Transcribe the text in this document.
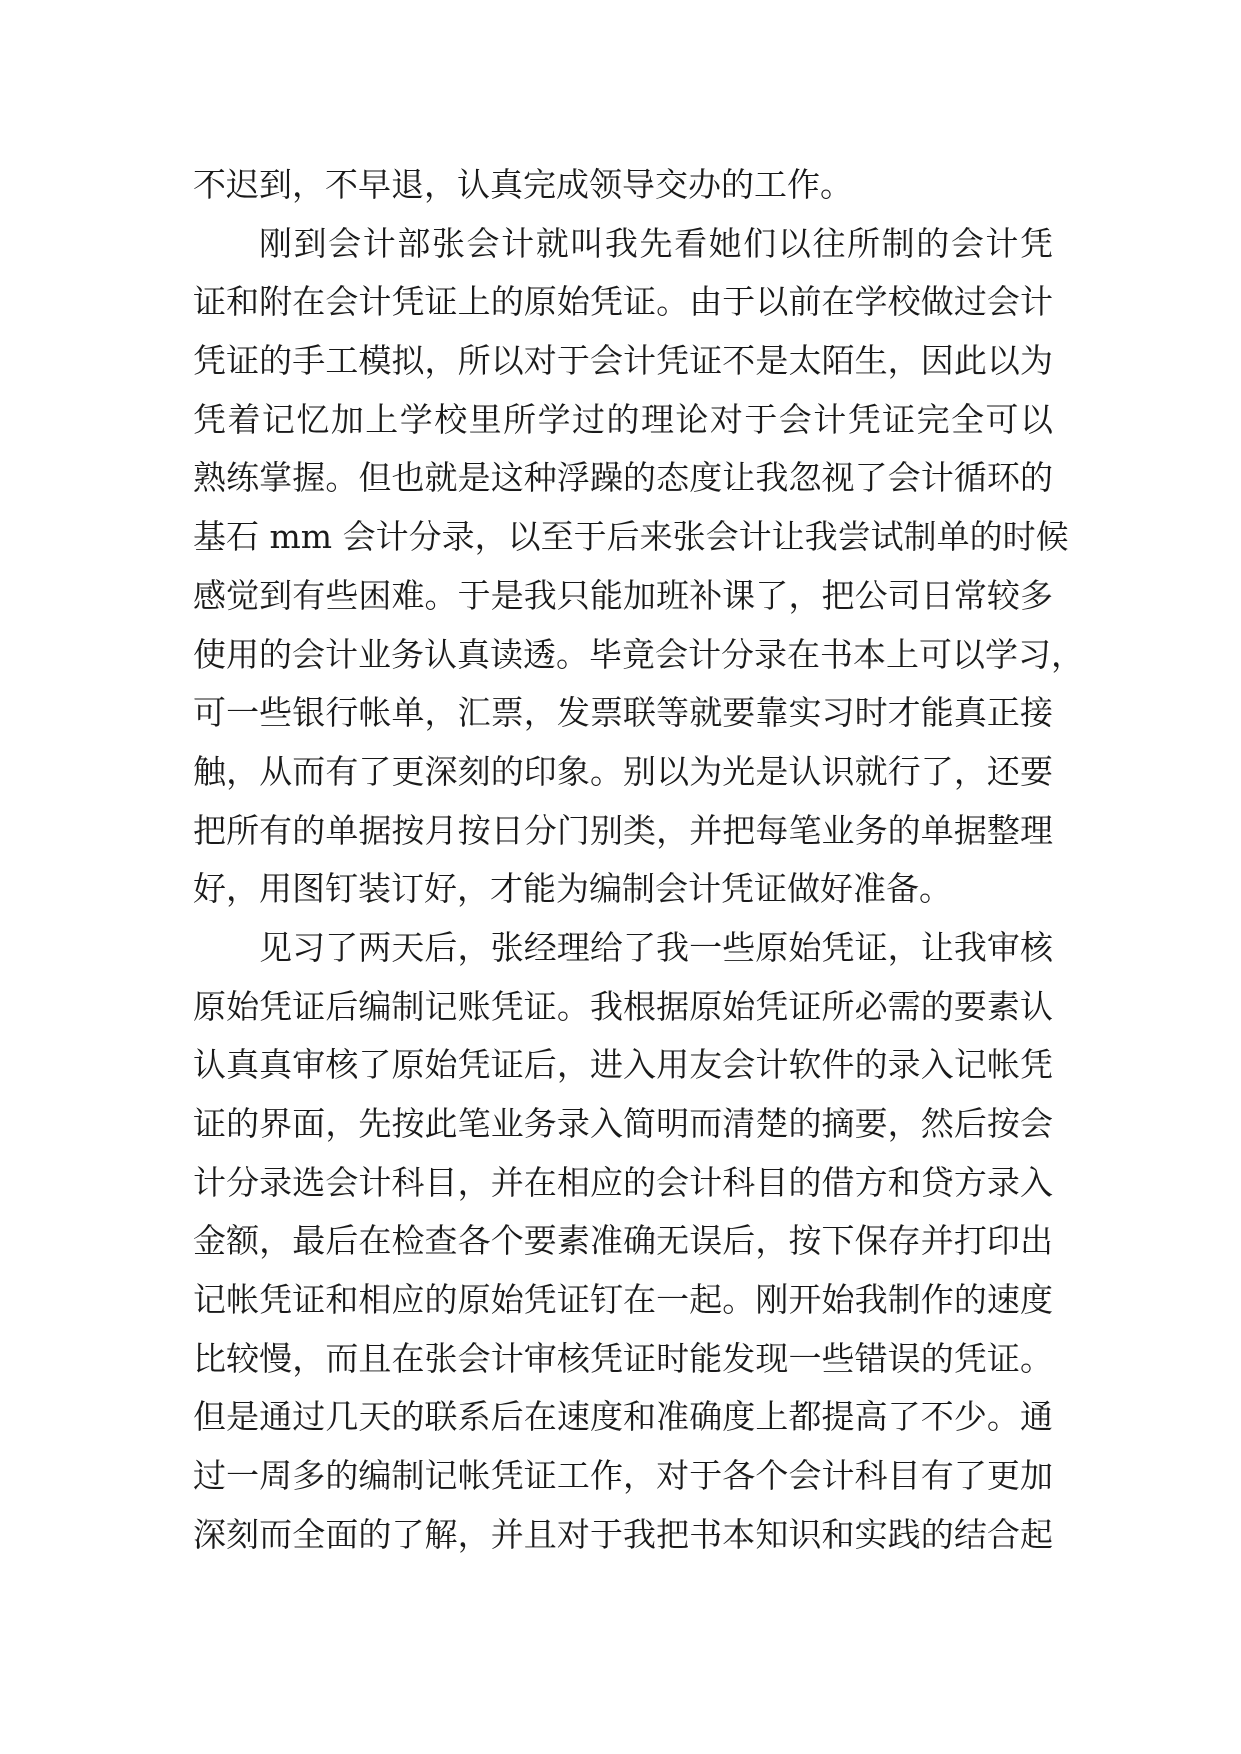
不迟到，不早退，认真完成领导交办的工作。
刚到会计部张会计就叫我先看她们以往所制的会计凭
证和附在会计凭证上的原始凭证。由于以前在学校做过会计
凭证的手工模拟，所以对于会计凭证不是太陌生，因此以为
凭着记忆加上学校里所学过的理论对于会计凭证完全可以
熟练掌握。但也就是这种浮躁的态度让我忽视了会计循环的
基石 mm 会计分录，以至于后来张会计让我尝试制单的时候
感觉到有些困难。于是我只能加班补课了，把公司日常较多
使用的会计业务认真读透。毕竟会计分录在书本上可以学习，
可一些银行帐单，汇票，发票联等就要靠实习时才能真正接
触，从而有了更深刻的印象。别以为光是认识就行了，还要
把所有的单据按月按日分门别类，并把每笔业务的单据整理
好，用图钉装订好，才能为编制会计凭证做好准备。
见习了两天后，张经理给了我一些原始凭证，让我审核
原始凭证后编制记账凭证。我根据原始凭证所必需的要素认
认真真审核了原始凭证后，进入用友会计软件的录入记帐凭
证的界面，先按此笔业务录入简明而清楚的摘要，然后按会
计分录选会计科目，并在相应的会计科目的借方和贷方录入
金额，最后在检查各个要素准确无误后，按下保存并打印出
记帐凭证和相应的原始凭证钉在一起。刚开始我制作的速度
比较慢，而且在张会计审核凭证时能发现一些错误的凭证。
但是通过几天的联系后在速度和准确度上都提高了不少。通
过一周多的编制记帐凭证工作，对于各个会计科目有了更加
深刻而全面的了解，并且对于我把书本知识和实践的结合起
